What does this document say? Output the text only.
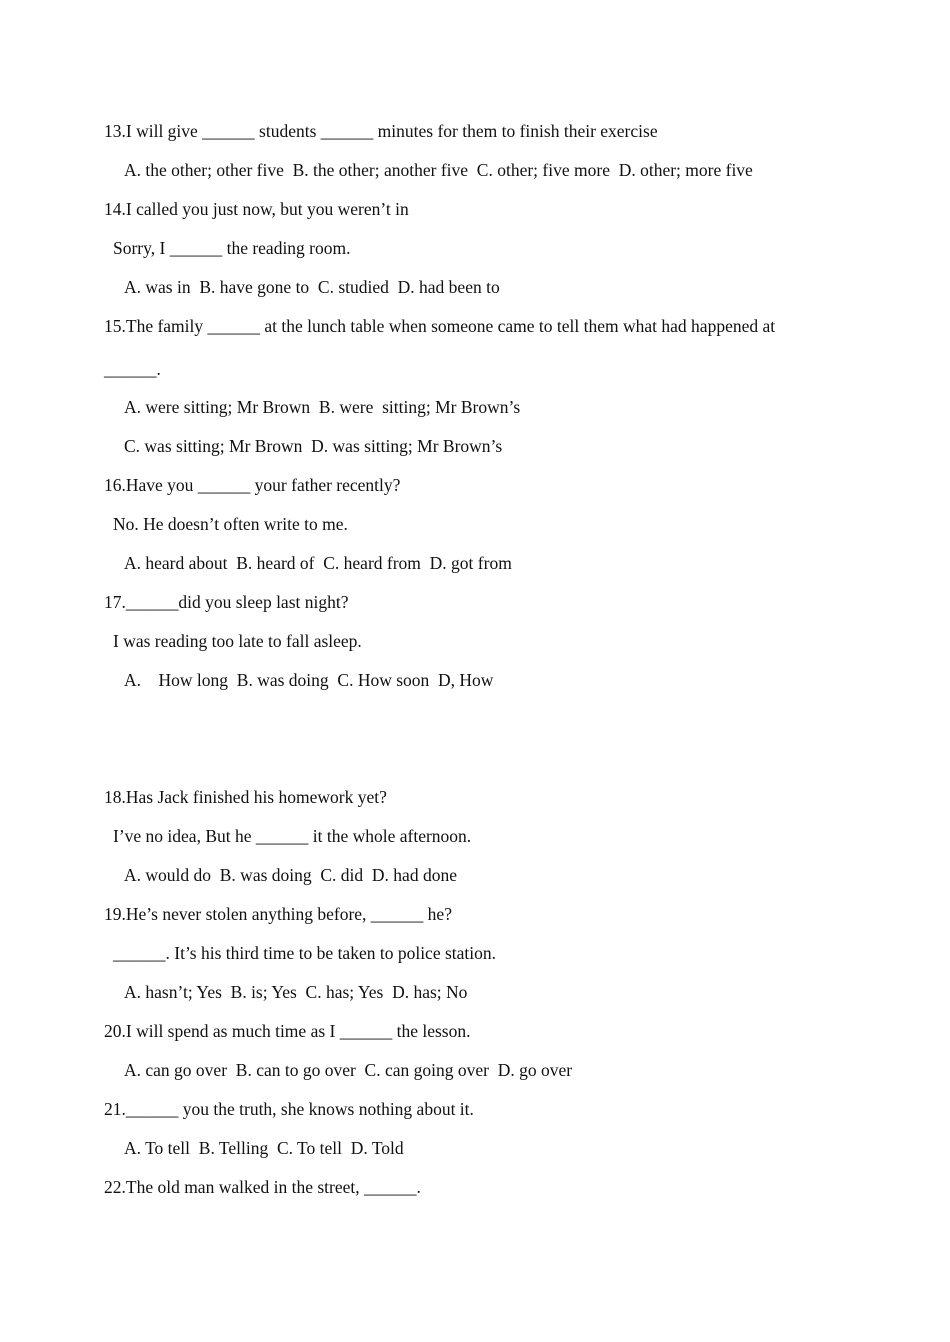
13.I will give ______ students ______ minutes for them to finish their exercise
A. the other; other five  B. the other; another five  C. other; five more  D. other; more five
14.I called you just now, but you weren’t in
Sorry, I ______ the reading room.
A. was in  B. have gone to  C. studied  D. had been to
15.The family ______ at the lunch table when someone came to tell them what had happened at
______.
A. were sitting; Mr Brown  B. were  sitting; Mr Brown’s
C. was sitting; Mr Brown  D. was sitting; Mr Brown’s
16.Have you ______ your father recently?
No. He doesn’t often write to me.
A. heard about  B. heard of  C. heard from  D. got from
17.______did you sleep last night?
I was reading too late to fall asleep.
A.    How long  B. was doing  C. How soon  D, How
18.Has Jack finished his homework yet?
I’ve no idea, But he ______ it the whole afternoon.
A. would do  B. was doing  C. did  D. had done
19.He’s never stolen anything before, ______ he?
______. It’s his third time to be taken to police station.
A. hasn’t; Yes  B. is; Yes  C. has; Yes  D. has; No
20.I will spend as much time as I ______ the lesson.
A. can go over  B. can to go over  C. can going over  D. go over
21.______ you the truth, she knows nothing about it.
A. To tell  B. Telling  C. To tell  D. Told
22.The old man walked in the street, ______.
